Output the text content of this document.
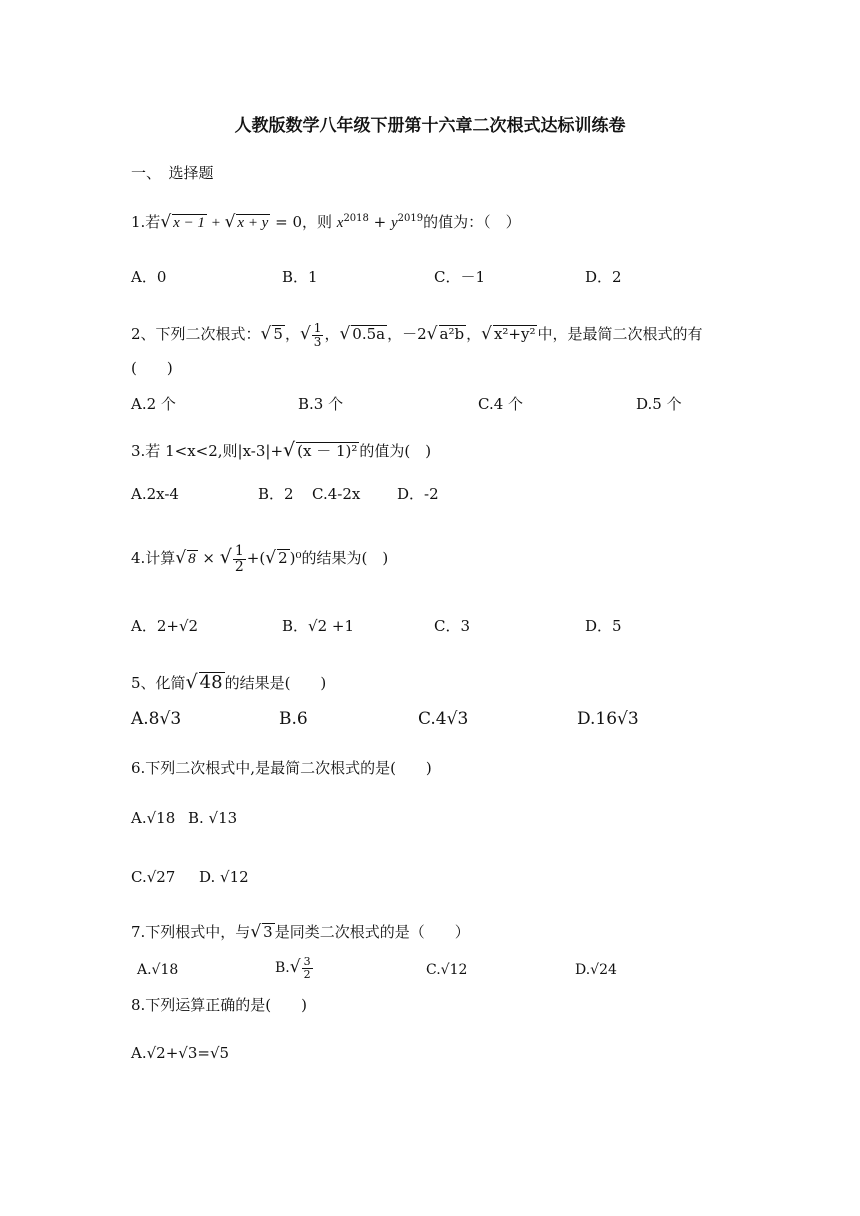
人教版数学八年级下册第十六章二次根式达标训练卷
一、　选择题
1.若√ x − 1 + √ x + y = 0，则 $x^{2018} + y^{2019}$的值为：（　）
A．0	B．1	C．－1	D．2
2、下列二次根式：√ 5 ，√ $\frac{1}{3}$ ，√ 0.5a ，－2√ a²b ，√ x²+y² 中，是最简二次根式的有
(　　)
A.2 个	B.3 个	C.4 个	D.5 个
3.若 1<x<2,则|x-3|+√ (x － 1)² 的值为(　)
A.2x-4	B．2 C.4-2x D．-2
4.计算√ 8 × √ $\frac{1}{2}$ +(√ 2 )⁰的结果为(　)
A．2+√2	B．√2 +1	C．3	D．5
5、化简√ 48 的结果是(　　)
A.8√3	B.6	C.4√3	D.16√3
6.下列二次根式中,是最简二次根式的是(　　)
A.√18 B. √13
C.√27 D. √12
7.下列根式中，与√ 3 是同类二次根式的是（　　）
A.√18	$B.√ \frac{3}{2}$	C.√12	D.√24
8.下列运算正确的是(　　)
A.√2+√3=√5
